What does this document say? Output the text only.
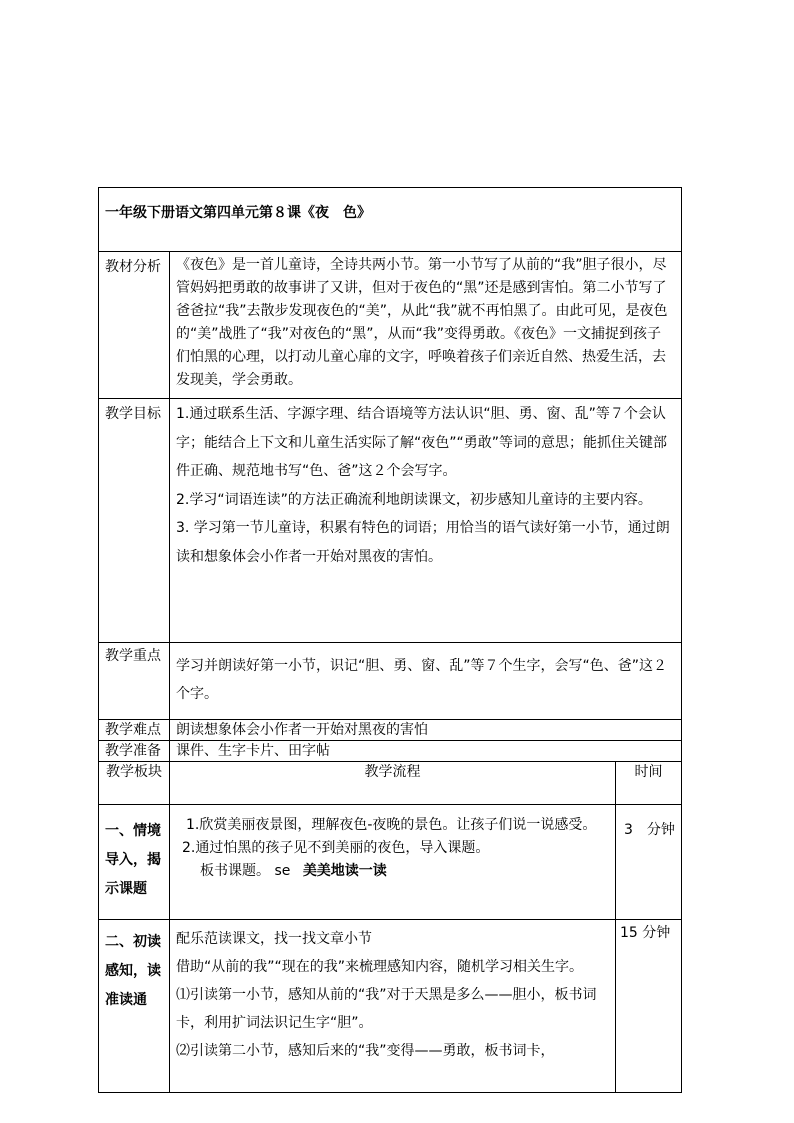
一年级下册语文第四单元第８课《夜　色》		
教材分析	《夜色》是一首儿童诗，全诗共两小节。第一小节写了从前的“我”胆子很小，尽管妈妈把勇敢的故事讲了又讲，但对于夜色的“黑”还是感到害怕。第二小节写了爸爸拉“我”去散步发现夜色的“美”，从此“我”就不再怕黑了。由此可见，是夜色的“美”战胜了“我”对夜色的“黑”，从而“我”变得勇敢。《夜色》一文捕捉到孩子们怕黑的心理，以打动儿童心扉的文字，呼唤着孩子们亲近自然、热爱生活，去发现美，学会勇敢。	
教学目标	1.通过联系生活、字源字理、结合语境等方法认识“胆、勇、窗、乱”等７个会认字；能结合上下文和儿童生活实际了解“夜色”“勇敢”等词的意思；能抓住关键部件正确、规范地书写“色、爸”这２个会写字。

2.学习“词语连读”的方法正确流利地朗读课文，初步感知儿童诗的主要内容。

3. 学习第一节儿童诗，积累有特色的词语；用恰当的语气读好第一小节，通过朗读和想象体会小作者一开始对黑夜的害怕。	

教学重点	学习并朗读好第一小节，识记“胆、勇、窗、乱”等７个生字，会写“色、爸”这２个字。	
教学难点	朗读想象体会小作者一开始对黑夜的害怕	
教学准备	课件、生字卡片、田字帖	
教学板块	教学流程	时间
一、情境导入，揭示课题	1.欣赏美丽夜景图，理解夜色-夜晚的景色。让孩子们说一说感受。

2.通过怕黑的孩子见不到美丽的夜色，导入课题。

板书课题。 se 美美地读一读	3　分钟
二、初读感知，读准读通	配乐范读课文，找一找文章小节

借助“从前的我”“现在的我”来梳理感知内容，随机学习相关生字。

⑴引读第一小节，感知从前的“我”对于天黑是多么——胆小，板书词卡，利用扩词法识记生字“胆”。

⑵引读第二小节，感知后来的“我”变得——勇敢，板书词卡，	15 分钟
